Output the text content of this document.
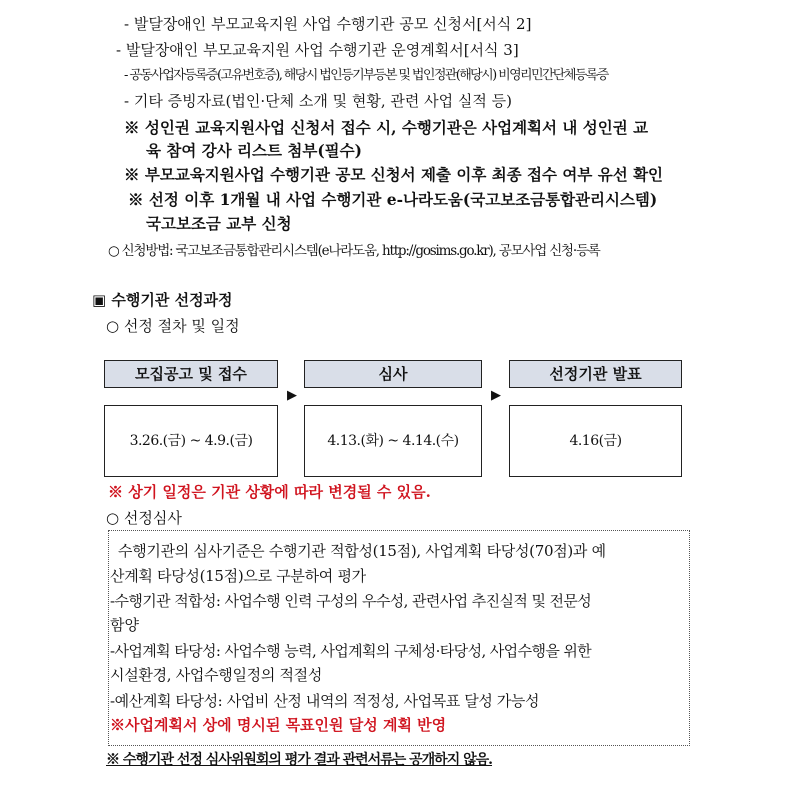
- 발달장애인 부모교육지원 사업 수행기관 공모 신청서[서식 2]
- 발달장애인 부모교육지원 사업 수행기관 운영계획서[서식 3]
- 공동사업자등록증(고유번호증), 해당시 법인등기부등본 및 법인정관(해당시) 비영리민간단체등록증
- 기타 증빙자료(법인·단체 소개 및 현황, 관련 사업 실적 등)
※ 성인권 교육지원사업 신청서 접수 시, 수행기관은 사업계획서 내 성인권 교
육 참여 강사 리스트 첨부(필수)
※ 부모교육지원사업 수행기관 공모 신청서 제출 이후 최종 접수 여부 유선 확인
※ 선정 이후 1개월 내 사업 수행기관 e-나라도움(국고보조금통합관리시스템)
국고보조금 교부 신청
○ 신청방법: 국고보조금통합관리시스템(e나라도움, http://gosims.go.kr), 공모사업 신청·등록
▣ 수행기관 선정과정
○ 선정 절차 및 일정
모집공고 및 접수
▶
심사
▶
선정기관 발표
3.26.(금) ~ 4.9.(금)	4.13.(화) ~ 4.14.(수)	4.16(금)
※ 상기 일정은 기관 상황에 따라 변경될 수 있음.
○ 선정심사
수행기관의 심사기준은 수행기관 적합성(15점), 사업계획 타당성(70점)과 예
산계획 타당성(15점)으로 구분하여 평가
-수행기관 적합성: 사업수행 인력 구성의 우수성, 관련사업 추진실적 및 전문성
함양
-사업계획 타당성: 사업수행 능력, 사업계획의 구체성·타당성, 사업수행을 위한
시설환경, 사업수행일정의 적절성
-예산계획 타당성: 사업비 산정 내역의 적정성, 사업목표 달성 가능성
※사업계획서 상에 명시된 목표인원 달성 계획 반영
※ 수행기관 선정 심사위원회의 평가 결과 관련서류는 공개하지 않음.
